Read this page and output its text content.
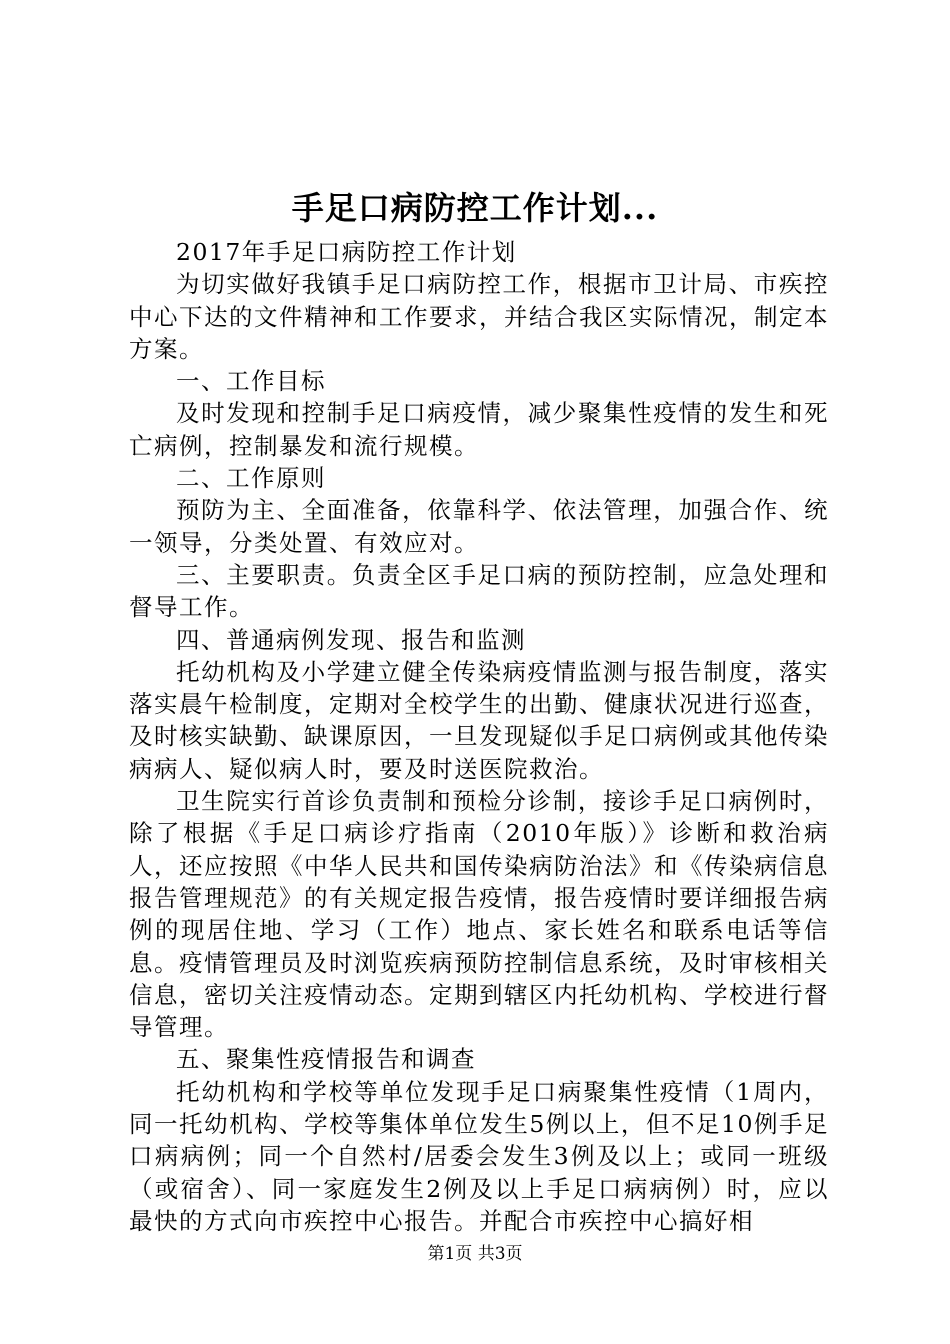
手足口病防控工作计划...

2017年手足口病防控工作计划

为切实做好我镇手足口病防控工作，根据市卫计局、市疾控中心下达的文件精神和工作要求，并结合我区实际情况，制定本方案。

一、工作目标

及时发现和控制手足口病疫情，减少聚集性疫情的发生和死亡病例，控制暴发和流行规模。

二、工作原则

预防为主、全面准备，依靠科学、依法管理，加强合作、统一领导，分类处置、有效应对。

三、主要职责。负责全区手足口病的预防控制，应急处理和督导工作。

四、普通病例发现、报告和监测

托幼机构及小学建立健全传染病疫情监测与报告制度，落实落实晨午检制度，定期对全校学生的出勤、健康状况进行巡查，及时核实缺勤、缺课原因，一旦发现疑似手足口病例或其他传染病病人、疑似病人时，要及时送医院救治。

卫生院实行首诊负责制和预检分诊制，接诊手足口病例时，除了根据《手足口病诊疗指南（2010年版）》诊断和救治病人，还应按照《中华人民共和国传染病防治法》和《传染病信息报告管理规范》的有关规定报告疫情，报告疫情时要详细报告病例的现居住地、学习（工作）地点、家长姓名和联系电话等信息。疫情管理员及时浏览疾病预防控制信息系统，及时审核相关信息，密切关注疫情动态。定期到辖区内托幼机构、学校进行督导管理。

五、聚集性疫情报告和调查

托幼机构和学校等单位发现手足口病聚集性疫情（1周内，同一托幼机构、学校等集体单位发生5例以上，但不足10例手足口病病例；同一个自然村/居委会发生3例及以上；或同一班级（或宿舍）、同一家庭发生2例及以上手足口病病例）时，应以最快的方式向市疾控中心报告。并配合市疾控中心搞好相

第1页 共3页
